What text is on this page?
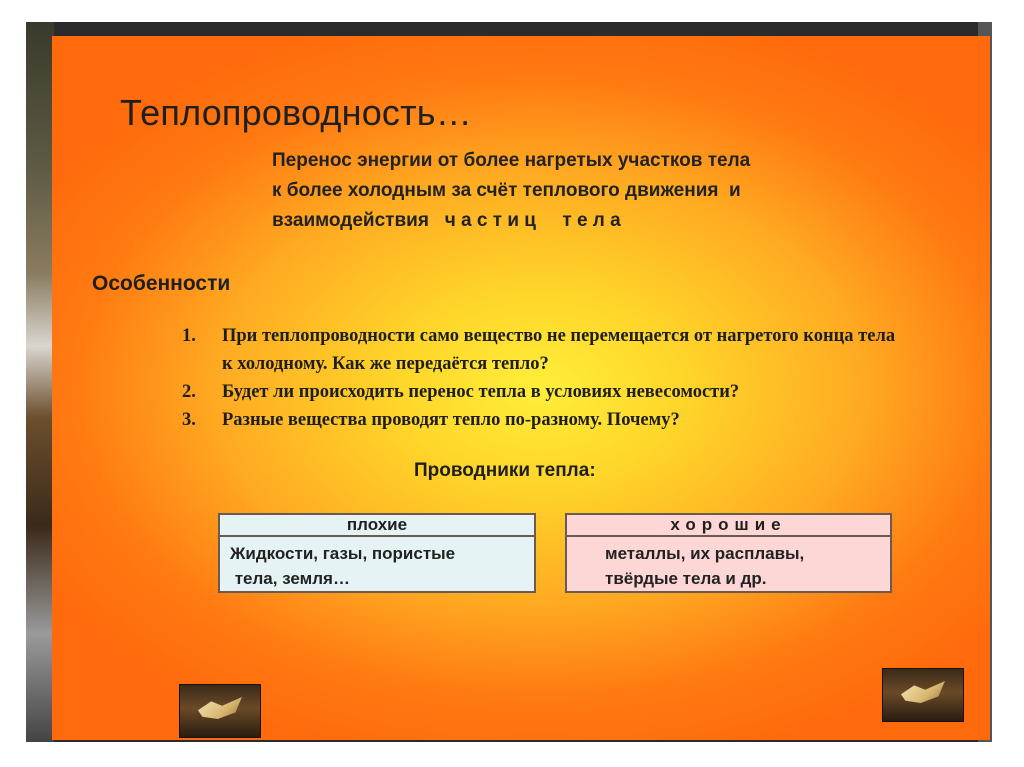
Теплопроводность…
Перенос энергии от более нагретых участков тела
к более холодным за счёт теплового движения  и
взаимодействия   ч а с т и ц     т е л а
Особенности
1. При теплопроводности само вещество не перемещается от нагретого конца тела к холодному. Как же передаётся тепло?
2. Будет ли происходить перенос тепла в условиях невесомости?
3. Разные вещества проводят тепло по-разному. Почему?
Проводники тепла:
плохие
Жидкости, газы, пористые
тела, земля…
хорошие
металлы, их расплавы,
твёрдые тела и др.
